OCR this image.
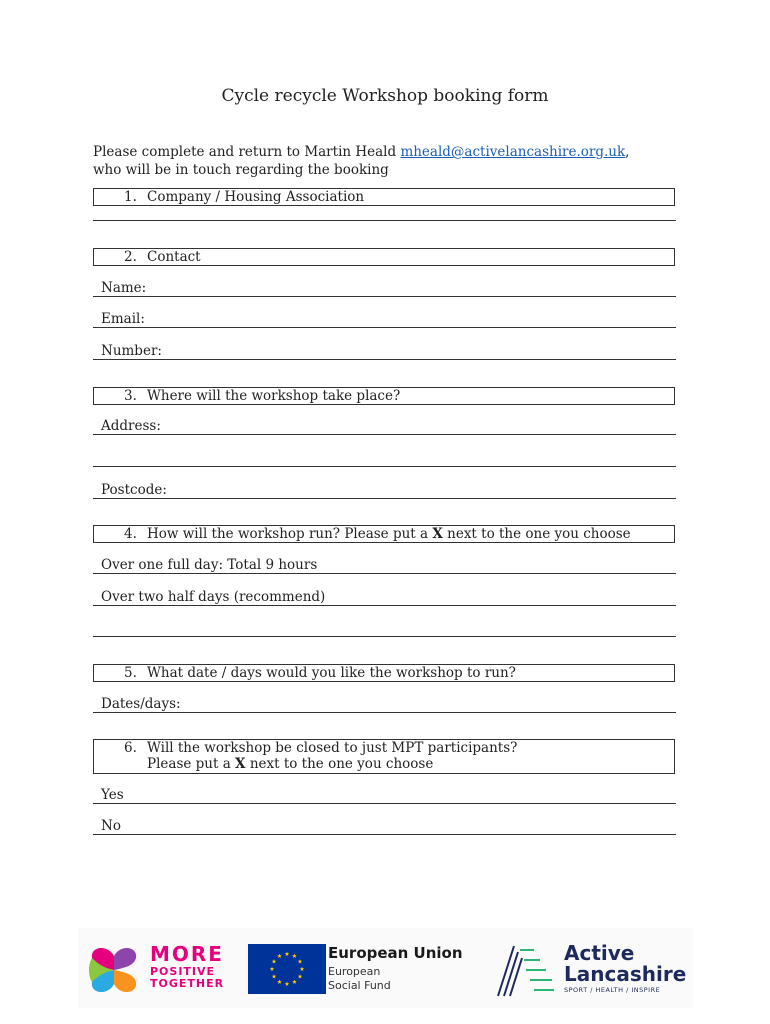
Cycle recycle Workshop booking form
Please complete and return to Martin Heald mheald@activelancashire.org.uk,
who will be in touch regarding the booking
1. Company / Housing Association
2. Contact
Name:
Email:
Number:
3. Where will the workshop take place?
Address:
Postcode:
4. How will the workshop run? Please put a X next to the one you choose
Over one full day: Total 9 hours
Over two half days (recommend)
5. What date / days would you like the workshop to run?
Dates/days:
6. Will the workshop be closed to just MPT participants?
Please put a X next to the one you choose
Yes
No
MORE
POSITIVE
TOGETHER
European Union
European
Social Fund
Active
Lancashire
SPORT / HEALTH / INSPIRE
